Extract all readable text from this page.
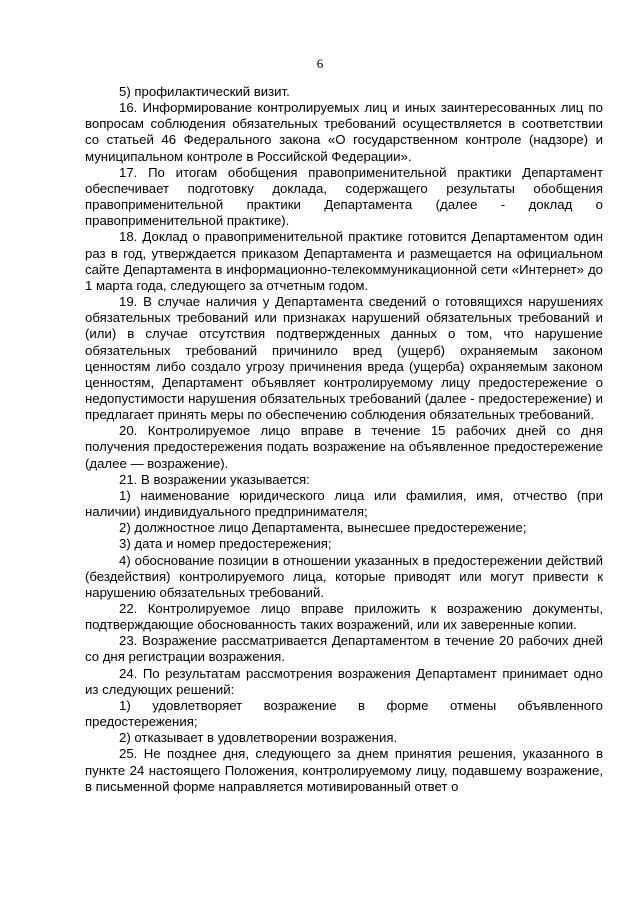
6

5) профилактический визит.

16. Информирование контролируемых лиц и иных заинтересованных лиц по вопросам соблюдения обязательных требований осуществляется в соответствии со статьей 46 Федерального закона «О государственном контроле (надзоре) и муниципальном контроле в Российской Федерации».

17. По итогам обобщения правоприменительной практики Департамент обеспечивает подготовку доклада, содержащего результаты обобщения правоприменительной практики Департамента (далее - доклад о правоприменительной практике).

18. Доклад о правоприменительной практике готовится Департаментом один раз в год, утверждается приказом Департамента и размещается на официальном сайте Департамента в информационно-телекоммуникационной сети «Интернет» до 1 марта года, следующего за отчетным годом.

19. В случае наличия у Департамента сведений о готовящихся нарушениях обязательных требований или признаках нарушений обязательных требований и (или) в случае отсутствия подтвержденных данных о том, что нарушение обязательных требований причинило вред (ущерб) охраняемым законом ценностям либо создало угрозу причинения вреда (ущерба) охраняемым законом ценностям, Департамент объявляет контролируемому лицу предостережение о недопустимости нарушения обязательных требований (далее - предостережение) и предлагает принять меры по обеспечению соблюдения обязательных требований.

20. Контролируемое лицо вправе в течение 15 рабочих дней со дня получения предостережения подать возражение на объявленное предостережение (далее — возражение).

21. В возражении указывается:

1) наименование юридического лица или фамилия, имя, отчество (при наличии) индивидуального предпринимателя;

2) должностное лицо Департамента, вынесшее предостережение;

3) дата и номер предостережения;

4) обоснование позиции в отношении указанных в предостережении действий (бездействия) контролируемого лица, которые приводят или могут привести к нарушению обязательных требований.

22. Контролируемое лицо вправе приложить к возражению документы, подтверждающие обоснованность таких возражений, или их заверенные копии.

23. Возражение рассматривается Департаментом в течение 20 рабочих дней со дня регистрации возражения.

24. По результатам рассмотрения возражения Департамент принимает одно из следующих решений:

1) удовлетворяет возражение в форме отмены объявленного предостережения;

2) отказывает в удовлетворении возражения.

25. Не позднее дня, следующего за днем принятия решения, указанного в пункте 24 настоящего Положения, контролируемому лицу, подавшему возражение, в письменной форме направляется мотивированный ответ о
